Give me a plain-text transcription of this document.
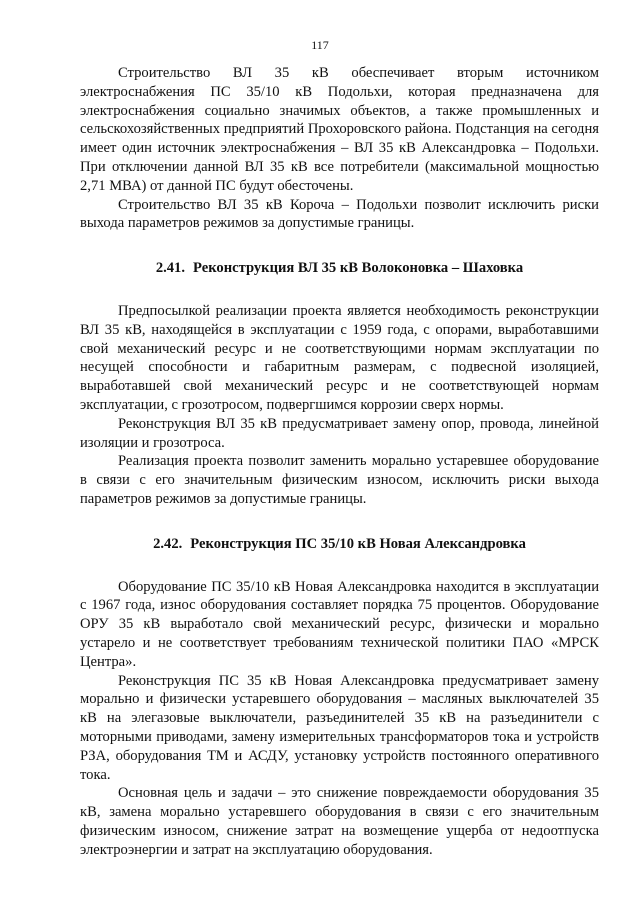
117

Строительство ВЛ 35 кВ обеспечивает вторым источником электроснабжения ПС 35/10 кВ Подольхи, которая предназначена для электроснабжения социально значимых объектов, а также промышленных и сельскохозяйственных предприятий Прохоровского района. Подстанция на сегодня имеет один источник электроснабжения – ВЛ 35 кВ Александровка – Подольхи. При отключении данной ВЛ 35 кВ все потребители (максимальной мощностью 2,71 МВА) от данной ПС будут обесточены.

Строительство ВЛ 35 кВ Короча – Подольхи позволит исключить риски выхода параметров режимов за допустимые границы.

2.41. Реконструкция ВЛ 35 кВ Волоконовка – Шаховка

Предпосылкой реализации проекта является необходимость реконструкции ВЛ 35 кВ, находящейся в эксплуатации с 1959 года, с опорами, выработавшими свой механический ресурс и не соответствующими нормам эксплуатации по несущей способности и габаритным размерам, с подвесной изоляцией, выработавшей свой механический ресурс и не соответствующей нормам эксплуатации, с грозотросом, подвергшимся коррозии сверх нормы.

Реконструкция ВЛ 35 кВ предусматривает замену опор, провода, линейной изоляции и грозотроса.

Реализация проекта позволит заменить морально устаревшее оборудование в связи с его значительным физическим износом, исключить риски выхода параметров режимов за допустимые границы.

2.42. Реконструкция ПС 35/10 кВ Новая Александровка

Оборудование ПС 35/10 кВ Новая Александровка находится в эксплуатации с 1967 года, износ оборудования составляет порядка 75 процентов. Оборудование ОРУ 35 кВ выработало свой механический ресурс, физически и морально устарело и не соответствует требованиям технической политики ПАО «МРСК Центра».

Реконструкция ПС 35 кВ Новая Александровка предусматривает замену морально и физически устаревшего оборудования – масляных выключателей 35 кВ на элегазовые выключатели, разъединителей 35 кВ на разъединители с моторными приводами, замену измерительных трансформаторов тока и устройств РЗА, оборудования ТМ и АСДУ, установку устройств постоянного оперативного тока.

Основная цель и задачи – это снижение повреждаемости оборудования 35 кВ, замена морально устаревшего оборудования в связи с его значительным физическим износом, снижение затрат на возмещение ущерба от недоотпуска электроэнергии и затрат на эксплуатацию оборудования.
